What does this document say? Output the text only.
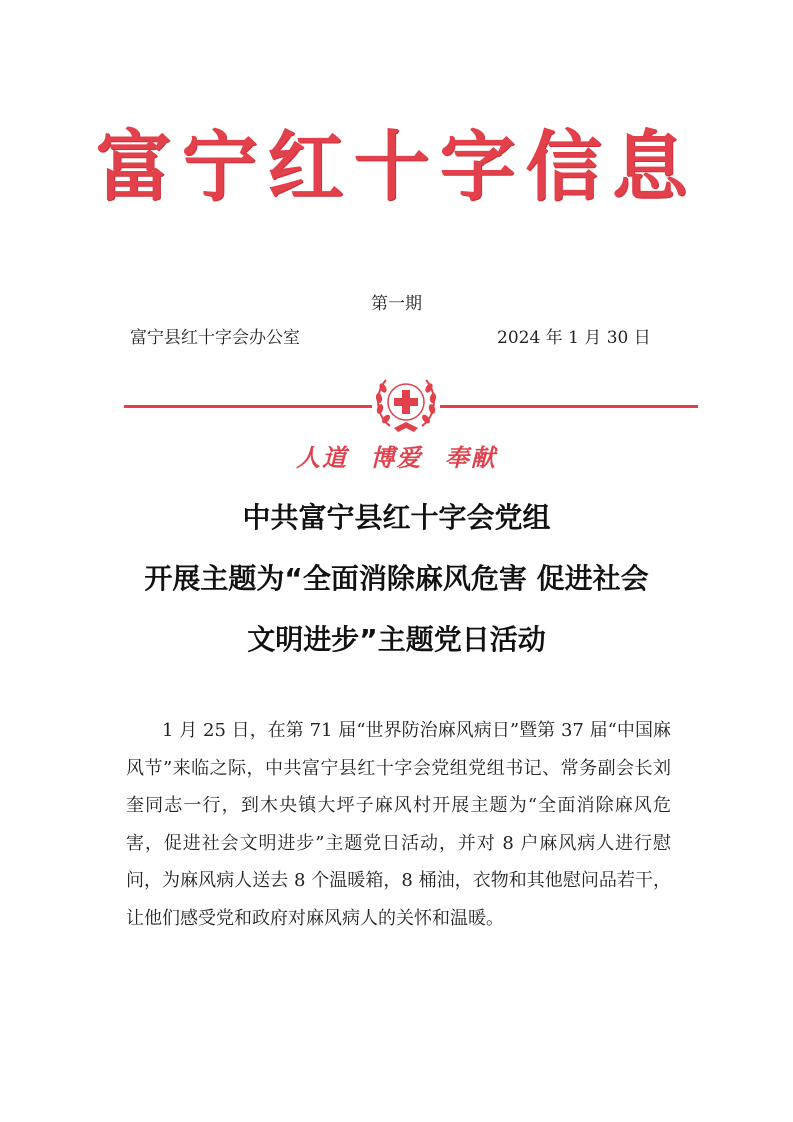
富宁红十字信息
第一期
富宁县红十字会办公室	2024 年 1 月 30 日
人道 博爱 奉献
中共富宁县红十字会党组
开展主题为“全面消除麻风危害 促进社会
文明进步”主题党日活动

1 月 25 日，在第 71 届“世界防治麻风病日”暨第 37 届“中国麻风节”来临之际，中共富宁县红十字会党组党组书记、常务副会长刘奎同志一行，到木央镇大坪子麻风村开展主题为“全面消除麻风危害，促进社会文明进步”主题党日活动，并对 8 户麻风病人进行慰问，为麻风病人送去 8 个温暖箱，8 桶油，衣物和其他慰问品若干，让他们感受党和政府对麻风病人的关怀和温暖。
